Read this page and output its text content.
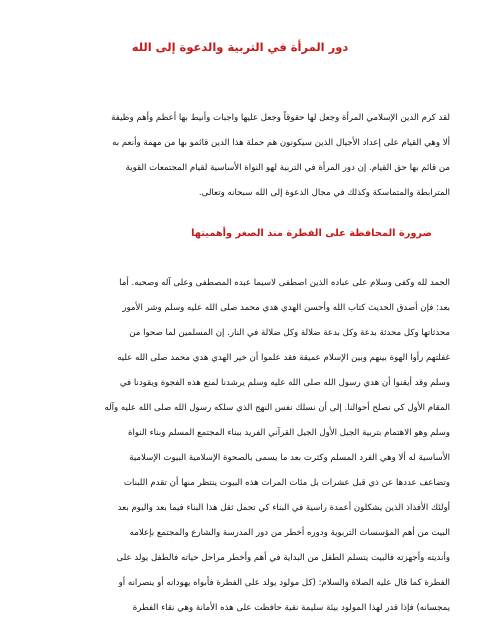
دور المرأة في التربية والدعوة إلى الله
لقد كرم الدين الإسلامي المرأة وجعل لها حقوقاً وجعل عليها واجبات وأنيط بها أعظم وأهم وظيفة
ألا وهي القيام على إعداد الأجيال الذين سيكونون هم حملة هذا الدين قائمو بها من مهمة وأنعم به
من قائم بها حق القيام. إن دور المرأة في التربية لهو النواة الأساسية لقيام المجتمعات القوية
المترابطة والمتماسكة وكذلك في مجال الدعوة إلى الله سبحانه وتعالى.
ضرورة المحافظة على الفطرة منذ الصغر وأهميتها
الحمد لله وكفى وسلام على عباده الذين اصطفى لاسيما عبده المصطفى وعلى آله وصحبه. أما
بعد: فإن أصدق الحديث كتاب الله وأحسن الهدي هدي محمد صلى الله عليه وسلم وشر الأمور
محدثاتها وكل محدثة بدعة وكل بدعة ضلالة وكل ضلالة في النار. إن المسلمين لما صحوا من
غفلتهم رأوا الهوة بينهم وبين الإسلام عميقة فقد علموا أن خير الهدي هدي محمد صلى الله عليه
وسلم وقد أيقنوا أن هدي رسول الله صلى الله عليه وسلم يرشدنا لمنع هذه الفجوة ويقودنا في
المقام الأول كي نصلح أحوالنا. إلى أن نسلك نفس النهج الذي سلكه رسول الله صلى الله عليه وآله
وسلم وهو الاهتمام بتربية الجيل الأول الجيل القرآني الفريد ببناء المجتمع المسلم وبناء النواة
الأساسية له ألا وهي الفرد المسلم وكثرت بعد ما يسمى بالصحوة الإسلامية البيوت الإسلامية
وتضاعف عددها عن ذي قبل عشرات بل مئات المرات هذه البيوت ينتظر منها أن تقدم اللبنات
أولئك الأفذاذ الذين يشكلون أعمدة راسية في البناء كي تحمل ثقل هذا البناء فيما بعد واليوم بعد
البيت من أهم المؤسسات التربوية ودوره أخطر من دور المدرسة والشارع والمجتمع بإعلامه
وأنديته وأجهزته فالبيت يتسلم الطفل من البداية في أهم وأخطر مراحل حياته فالطفل يولد على
الفطرة كما قال عليه الصلاة والسلام: (كل مولود يولد على الفطرة فأبواه يهودانه أو ينصرانه أو
يمجسانه) فإذا قدر لهذا المولود بيئة سليمة نقية حافظت على هذه الأمانة وهي نقاء الفطرة
